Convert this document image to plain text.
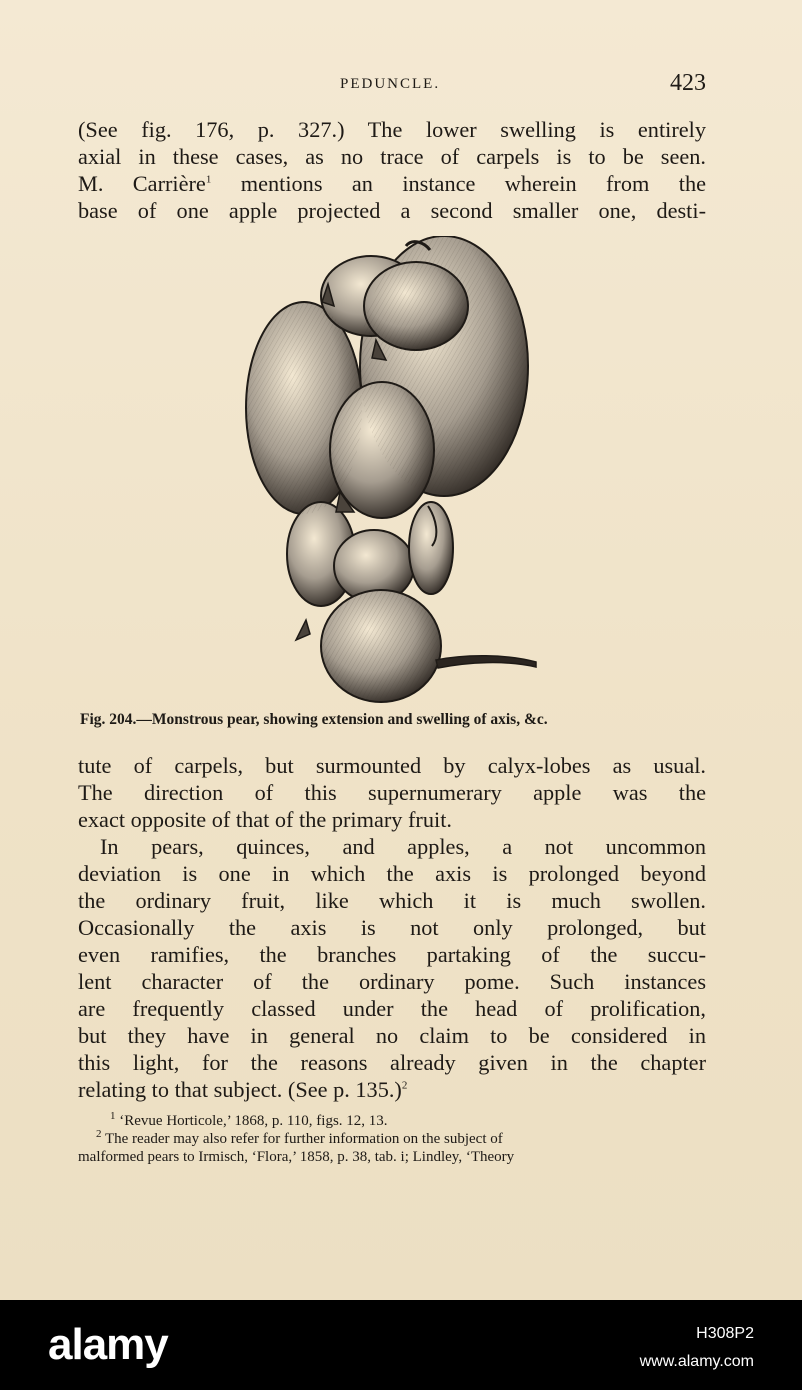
PEDUNCLE.	423
(See fig. 176, p. 327.) The lower swelling is entirely
axial in these cases, as no trace of carpels is to be seen.
M. Carrière$^1$ mentions an instance wherein from the
base of one apple projected a second smaller one, desti-
Fig. 204.—Monstrous pear, showing extension and swelling of axis, &c.
tute of carpels, but surmounted by calyx-lobes as usual.
The direction of this supernumerary apple was the
exact opposite of that of the primary fruit.
In pears, quinces, and apples, a not uncommon
deviation is one in which the axis is prolonged beyond
the ordinary fruit, like which it is much swollen.
Occasionally the axis is not only prolonged, but
even ramifies, the branches partaking of the succu-
lent character of the ordinary pome. Such instances
are frequently classed under the head of prolification,
but they have in general no claim to be considered in
this light, for the reasons already given in the chapter
relating to that subject. (See p. 135.)$^2$
$^1$ ‘Revue Horticole,’ 1868, p. 110, figs. 12, 13.
$^2$ The reader may also refer for further information on the subject of
malformed pears to Irmisch, ‘Flora,’ 1858, p. 38, tab. i; Lindley, ‘Theory
alamy	H308P2
www.alamy.com
